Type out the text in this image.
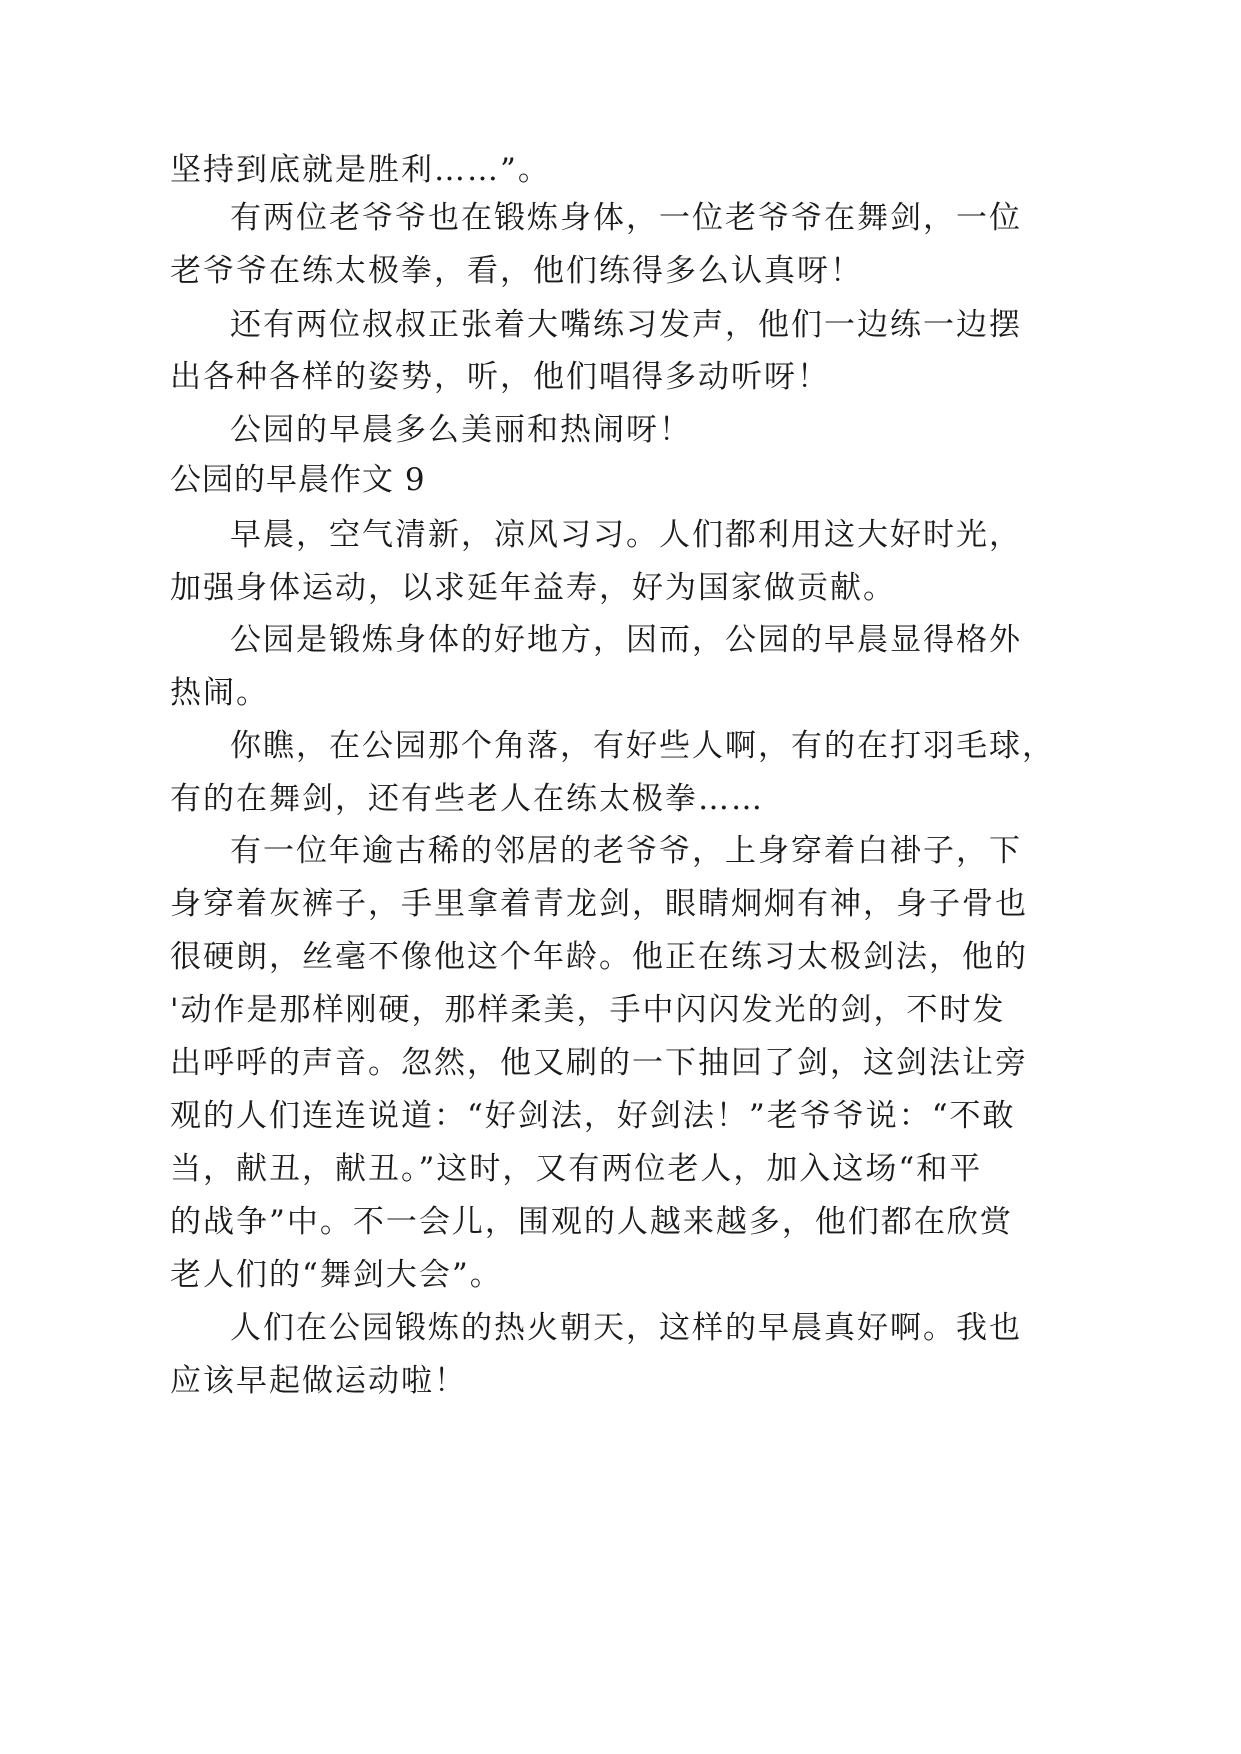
坚持到底就是胜利……”。
有两位老爷爷也在锻炼身体，一位老爷爷在舞剑，一位
老爷爷在练太极拳，看，他们练得多么认真呀！
还有两位叔叔正张着大嘴练习发声，他们一边练一边摆
出各种各样的姿势，听，他们唱得多动听呀！
公园的早晨多么美丽和热闹呀！
公园的早晨作文 9
早晨，空气清新，凉风习习。人们都利用这大好时光，
加强身体运动，以求延年益寿，好为国家做贡献。
公园是锻炼身体的好地方，因而，公园的早晨显得格外
热闹。
你瞧，在公园那个角落，有好些人啊，有的在打羽毛球，
有的在舞剑，还有些老人在练太极拳……
有一位年逾古稀的邻居的老爷爷，上身穿着白褂子，下
身穿着灰裤子，手里拿着青龙剑，眼睛炯炯有神，身子骨也
很硬朗，丝毫不像他这个年龄。他正在练习太极剑法，他的
'动作是那样刚硬，那样柔美，手中闪闪发光的剑，不时发
出呼呼的声音。忽然，他又刷的一下抽回了剑，这剑法让旁
观的人们连连说道：“好剑法，好剑法！”老爷爷说：“不敢
当，献丑，献丑。”这时，又有两位老人，加入这场“和平
的战争”中。不一会儿，围观的人越来越多，他们都在欣赏
老人们的“舞剑大会”。
人们在公园锻炼的热火朝天，这样的早晨真好啊。我也
应该早起做运动啦！
